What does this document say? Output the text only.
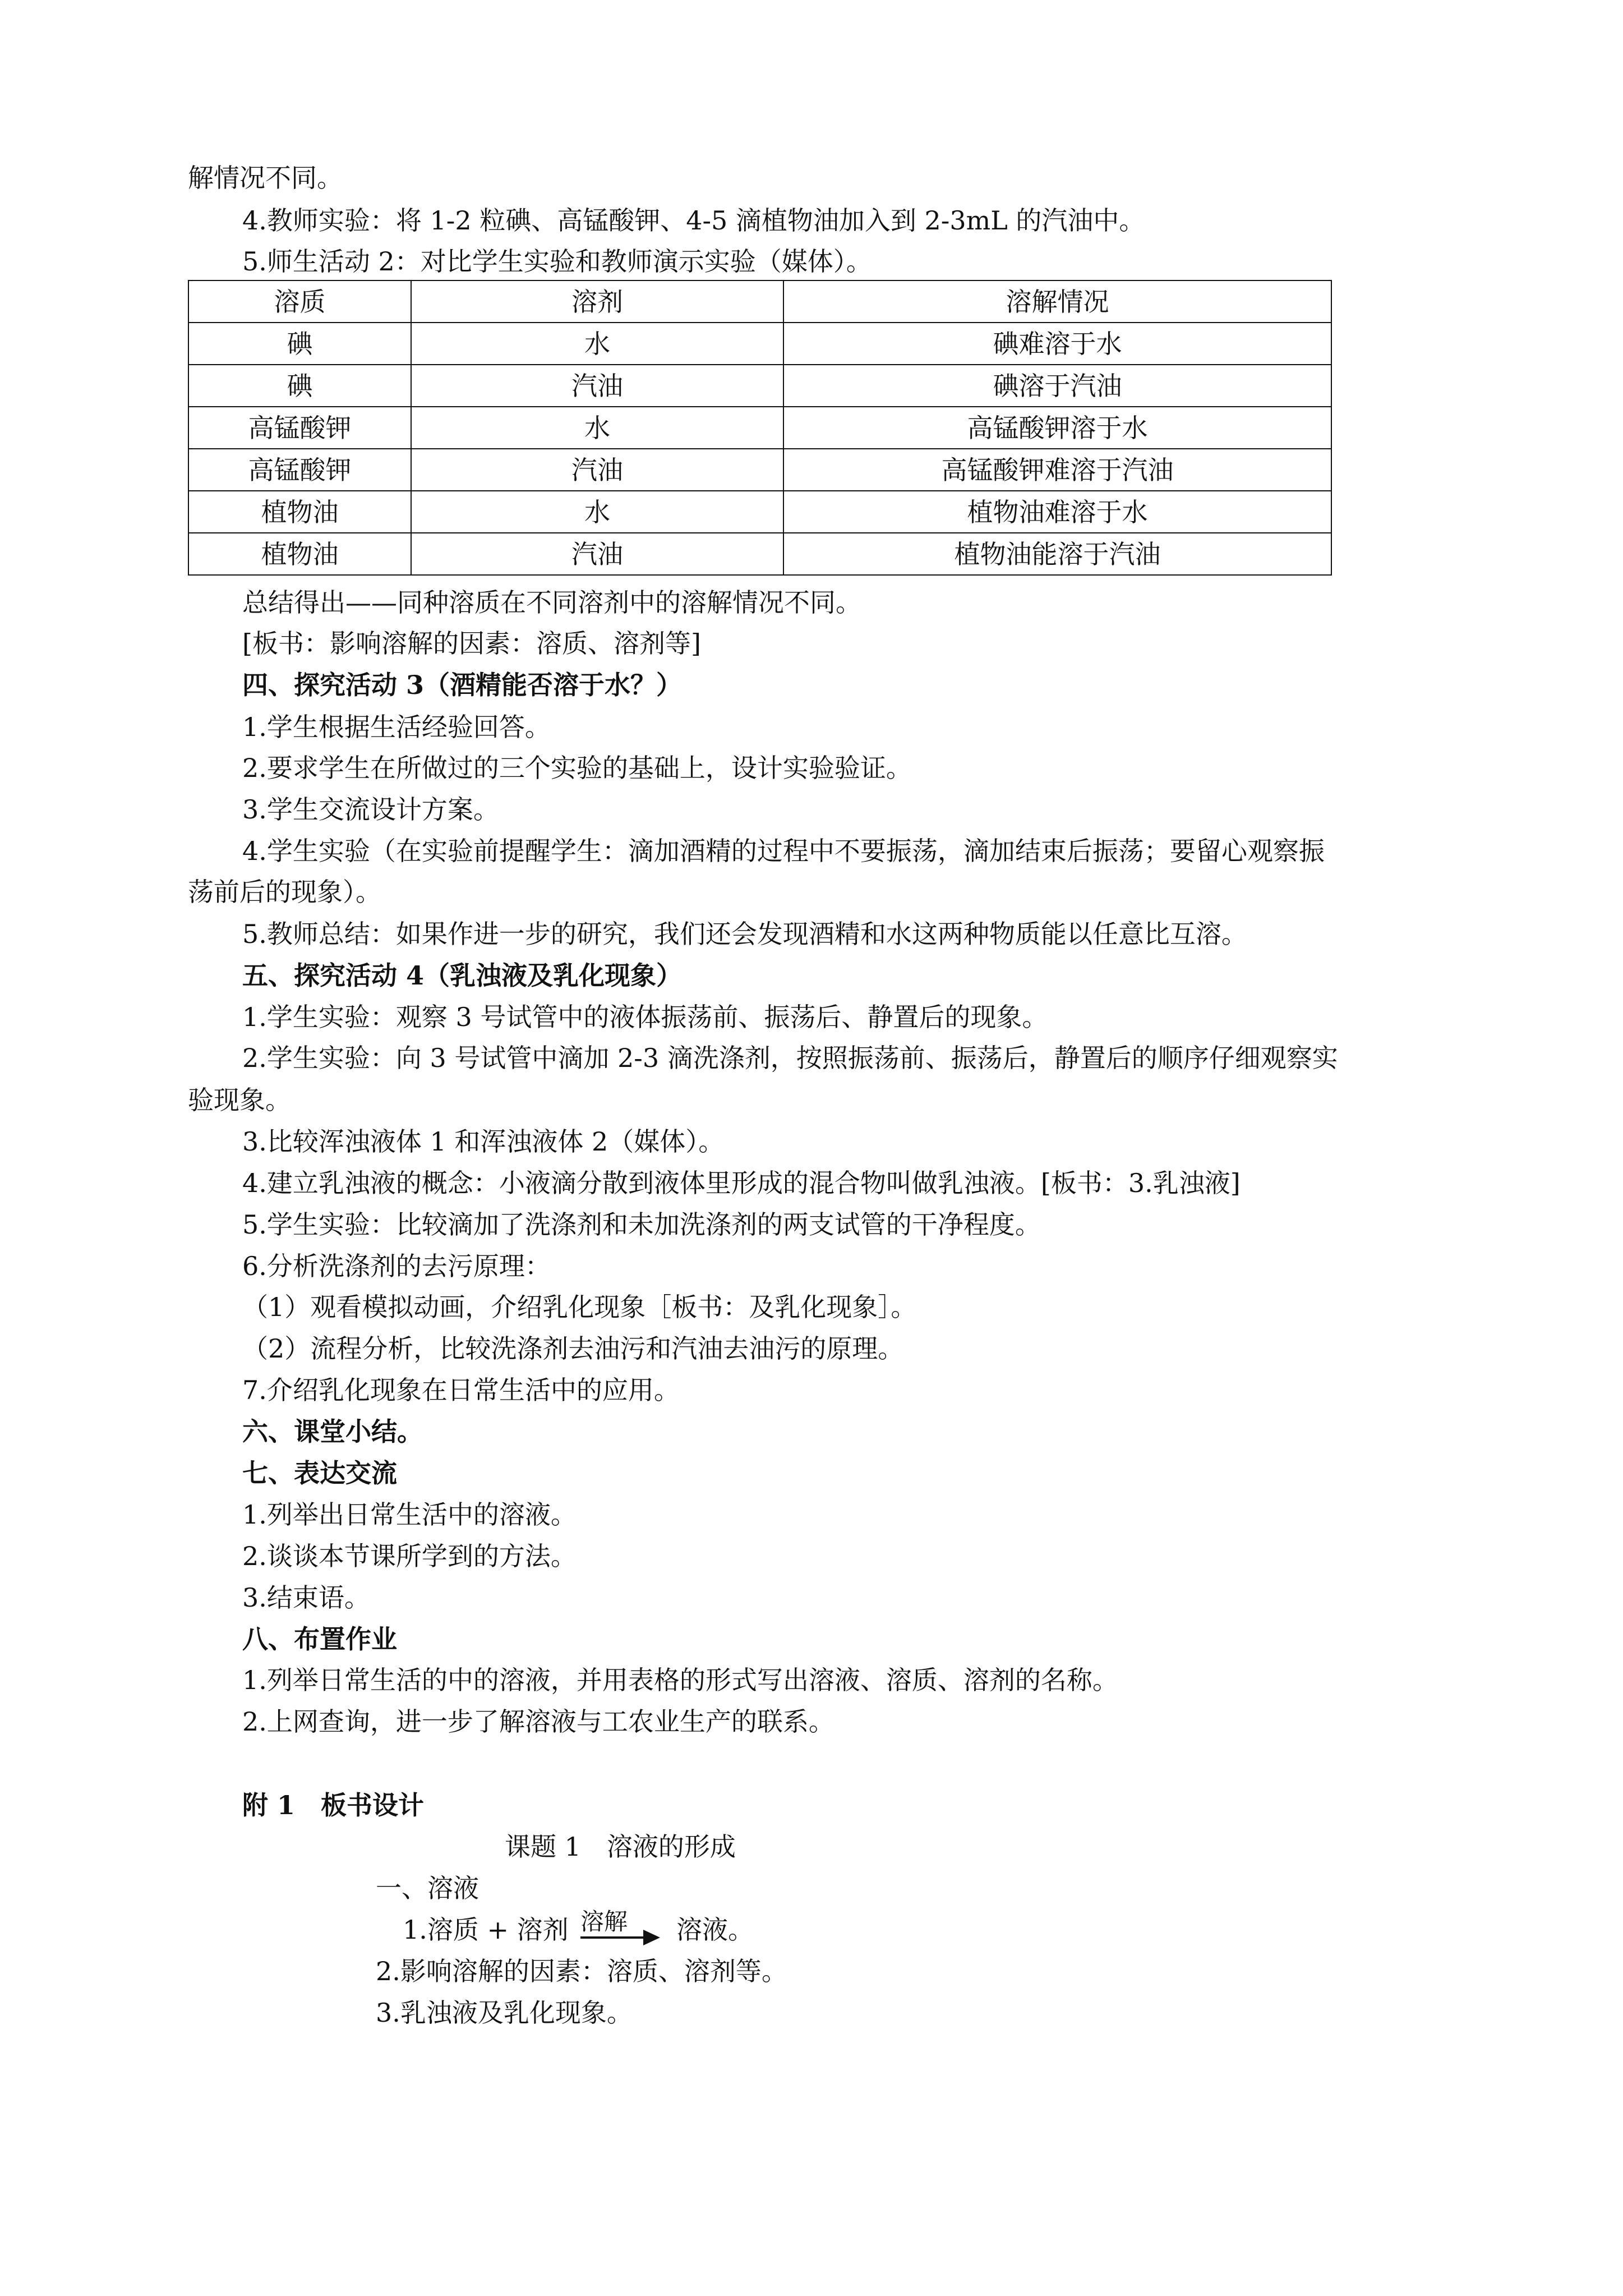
解情况不同。
4.教师实验：将 1-2 粒碘、高锰酸钾、4-5 滴植物油加入到 2-3mL 的汽油中。
5.师生活动 2：对比学生实验和教师演示实验（媒体）。
溶质	溶剂	溶解情况
碘	水	碘难溶于水
碘	汽油	碘溶于汽油
高锰酸钾	水	高锰酸钾溶于水
高锰酸钾	汽油	高锰酸钾难溶于汽油
植物油	水	植物油难溶于水
植物油	汽油	植物油能溶于汽油
总结得出——同种溶质在不同溶剂中的溶解情况不同。
[板书：影响溶解的因素：溶质、溶剂等]
四、探究活动 3（酒精能否溶于水？）
1.学生根据生活经验回答。
2.要求学生在所做过的三个实验的基础上，设计实验验证。
3.学生交流设计方案。
4.学生实验（在实验前提醒学生：滴加酒精的过程中不要振荡，滴加结束后振荡；要留心观察振
荡前后的现象）。
5.教师总结：如果作进一步的研究，我们还会发现酒精和水这两种物质能以任意比互溶。
五、探究活动 4（乳浊液及乳化现象）
1.学生实验：观察 3 号试管中的液体振荡前、振荡后、静置后的现象。
2.学生实验：向 3 号试管中滴加 2-3 滴洗涤剂，按照振荡前、振荡后，静置后的顺序仔细观察实
验现象。
3.比较浑浊液体 1 和浑浊液体 2（媒体）。
4.建立乳浊液的概念：小液滴分散到液体里形成的混合物叫做乳浊液。[板书：3.乳浊液]
5.学生实验：比较滴加了洗涤剂和未加洗涤剂的两支试管的干净程度。
6.分析洗涤剂的去污原理：
（1）观看模拟动画，介绍乳化现象［板书：及乳化现象］。
（2）流程分析，比较洗涤剂去油污和汽油去油污的原理。
7.介绍乳化现象在日常生活中的应用。
六、课堂小结。
七、表达交流
1.列举出日常生活中的溶液。
2.谈谈本节课所学到的方法。
3.结束语。
八、布置作业
1.列举日常生活的中的溶液，并用表格的形式写出溶液、溶质、溶剂的名称。
2.上网查询，进一步了解溶液与工农业生产的联系。
附 1　板书设计
课题 1　溶液的形成
一、溶液
1.溶质 + 溶剂 溶解 溶液。
2.影响溶解的因素：溶质、溶剂等。
3.乳浊液及乳化现象。
